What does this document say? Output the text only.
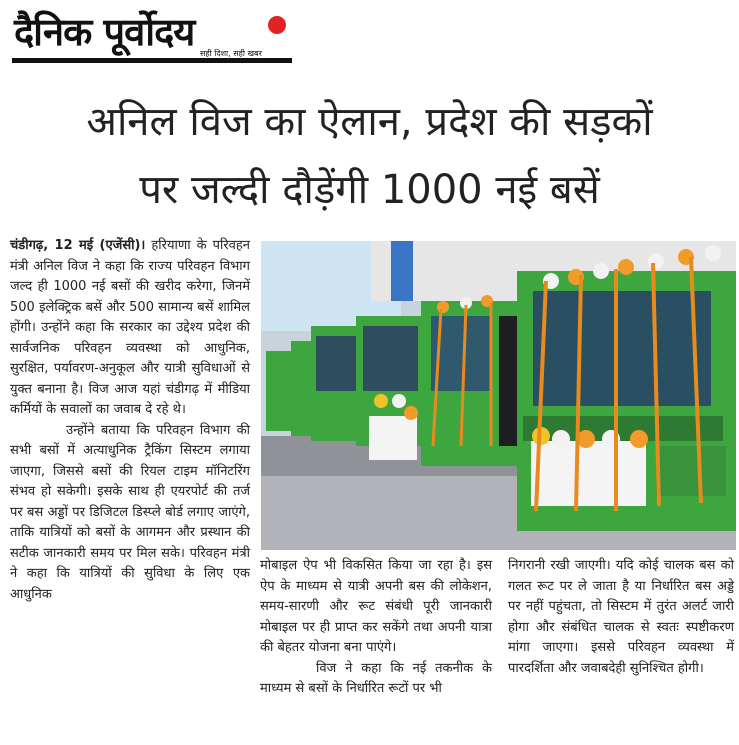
दैनिक पूर्वोदय सही दिशा, सही खबर
अनिल विज का ऐलान, प्रदेश की सड़कों
पर जल्दी दौड़ेंगी 1000 नई बसें

चंडीगढ़, 12 मई (एजेंसी)। हरियाणा के परिवहन मंत्री अनिल विज ने कहा कि राज्य परिवहन विभाग जल्द ही 1000 नई बसों की खरीद करेगा, जिनमें 500 इलेक्ट्रिक बसें और 500 सामान्य बसें शामिल होंगी। उन्होंने कहा कि सरकार का उद्देश्य प्रदेश की सार्वजनिक परिवहन व्यवस्था को आधुनिक, सुरक्षित, पर्यावरण-अनुकूल और यात्री सुविधाओं से युक्त बनाना है। विज आज यहां चंडीगढ़ में मीडिया कर्मियों के सवालों का जवाब दे रहे थे।

उन्होंने बताया कि परिवहन विभाग की सभी बसों में अत्याधुनिक ट्रैकिंग सिस्टम लगाया जाएगा, जिससे बसों की रियल टाइम मॉनिटरिंग संभव हो सकेगी। इसके साथ ही एयरपोर्ट की तर्ज पर बस अड्डों पर डिजिटल डिस्प्ले बोर्ड लगाए जाएंगे, ताकि यात्रियों को बसों के आगमन और प्रस्थान की सटीक जानकारी समय पर मिल सके। परिवहन मंत्री ने कहा कि यात्रियों की सुविधा के लिए एक आधुनिक

मोबाइल ऐप भी विकसित किया जा रहा है। इस ऐप के माध्यम से यात्री अपनी बस की लोकेशन, समय-सारणी और रूट संबंधी पूरी जानकारी मोबाइल पर ही प्राप्त कर सकेंगे तथा अपनी यात्रा की बेहतर योजना बना पाएंगे।

विज ने कहा कि नई तकनीक के माध्यम से बसों के निर्धारित रूटों पर भी

निगरानी रखी जाएगी। यदि कोई चालक बस को गलत रूट पर ले जाता है या निर्धारित बस अड्डे पर नहीं पहुंचता, तो सिस्टम में तुरंत अलर्ट जारी होगा और संबंधित चालक से स्वतः स्पष्टीकरण मांगा जाएगा। इससे परिवहन व्यवस्था में पारदर्शिता और जवाबदेही सुनिश्चित होगी।
